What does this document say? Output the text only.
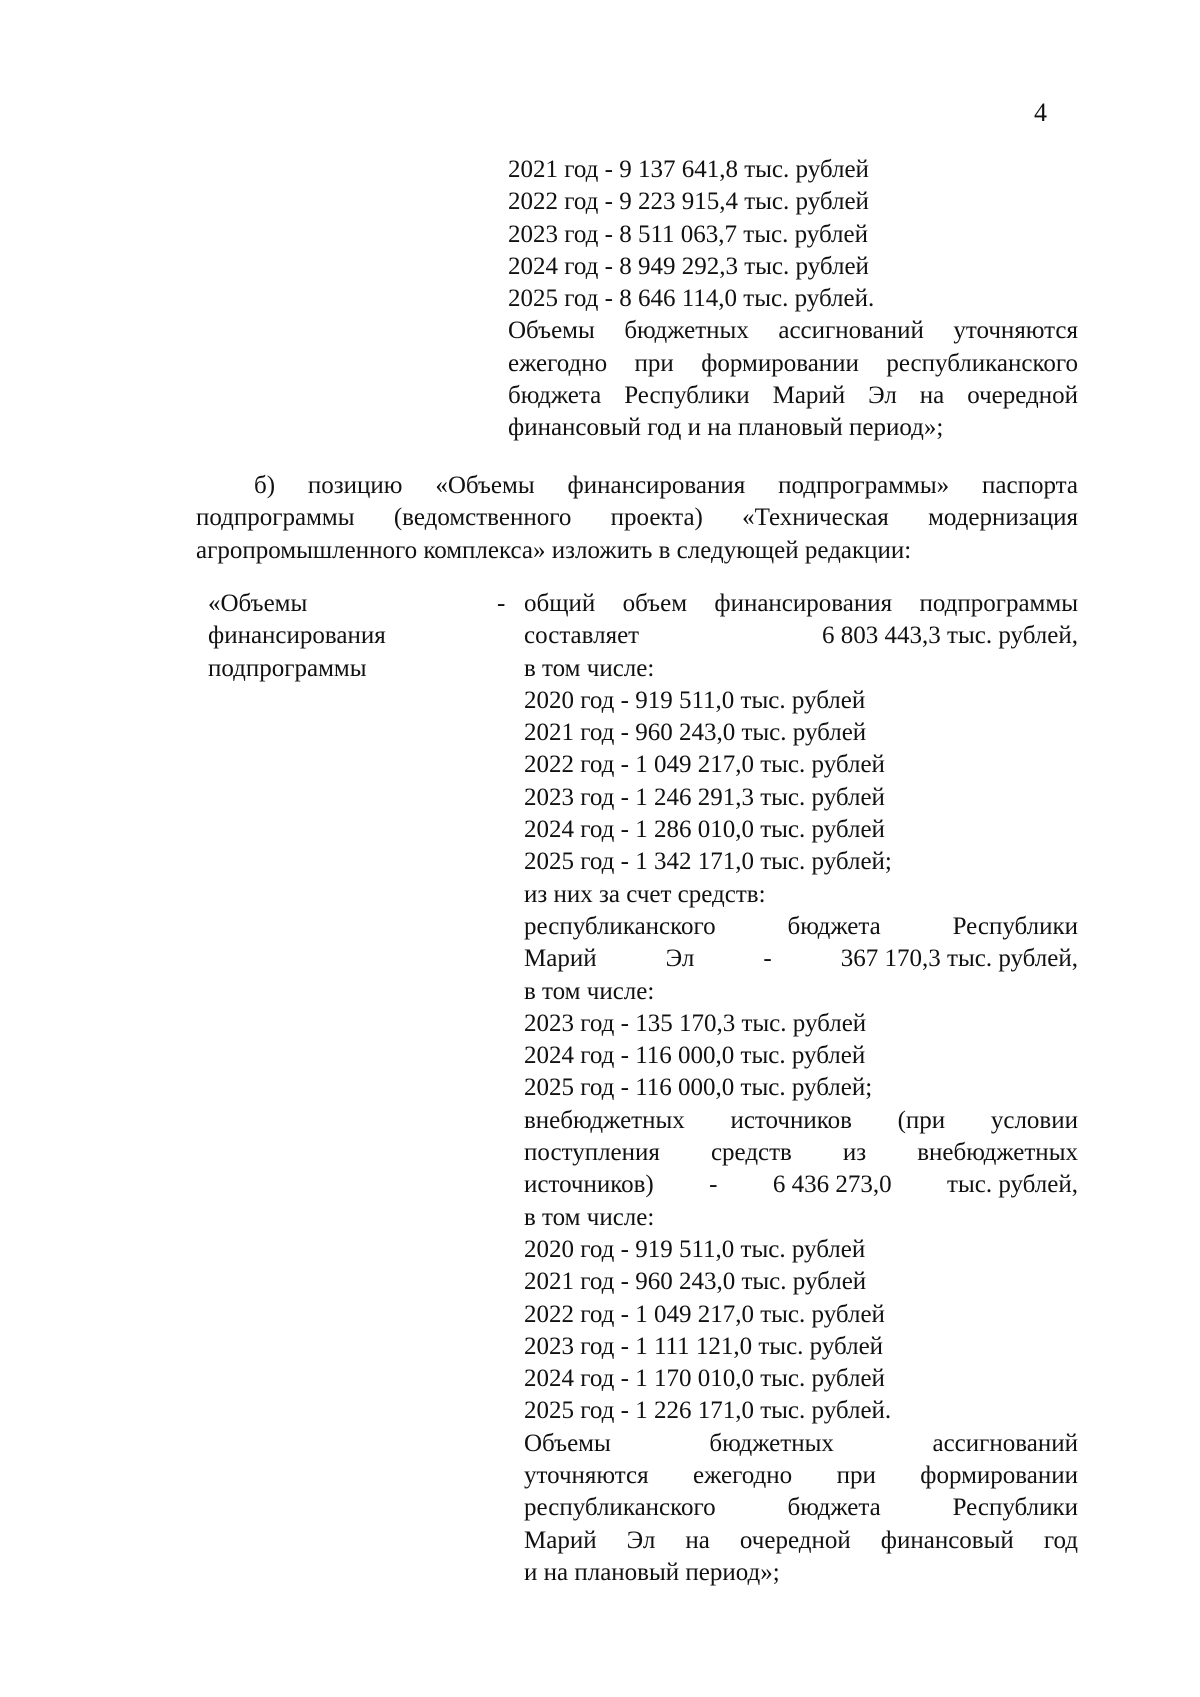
4
2021 год - 9 137 641,8 тыс. рублей
2022 год - 9 223 915,4 тыс. рублей
2023 год - 8 511 063,7 тыс. рублей
2024 год - 8 949 292,3 тыс. рублей
2025 год - 8 646 114,0 тыс. рублей.
Объемы бюджетных ассигнований уточняются
ежегодно при формировании республиканского
бюджета Республики Марий Эл на очередной
финансовый год и на плановый период»;
б) позицию «Объемы финансирования подпрограммы» паспорта
подпрограммы (ведомственного проекта) «Техническая модернизация
агропромышленного комплекса» изложить в следующей редакции:
«Объемы
финансирования
подпрограммы
- общий объем финансирования подпрограммы
составляет	6 803 443,3 тыс. рублей,
в том числе:
2020 год - 919 511,0 тыс. рублей
2021 год - 960 243,0 тыс. рублей
2022 год - 1 049 217,0 тыс. рублей
2023 год - 1 246 291,3 тыс. рублей
2024 год - 1 286 010,0 тыс. рублей
2025 год - 1 342 171,0 тыс. рублей;
из них за счет средств:
республиканского бюджета Республики
Марий	Эл	-	367 170,3 тыс. рублей,
в том числе:
2023 год - 135 170,3 тыс. рублей
2024 год - 116 000,0 тыс. рублей
2025 год - 116 000,0 тыс. рублей;
внебюджетных источников (при условии
поступления средств из внебюджетных
источников) - 6 436 273,0 тыс. рублей,
в том числе:
2020 год - 919 511,0 тыс. рублей
2021 год - 960 243,0 тыс. рублей
2022 год - 1 049 217,0 тыс. рублей
2023 год - 1 111 121,0 тыс. рублей
2024 год - 1 170 010,0 тыс. рублей
2025 год - 1 226 171,0 тыс. рублей.
Объемы бюджетных ассигнований
уточняются ежегодно при формировании
республиканского бюджета Республики
Марий Эл на очередной финансовый год
и на плановый период»;
